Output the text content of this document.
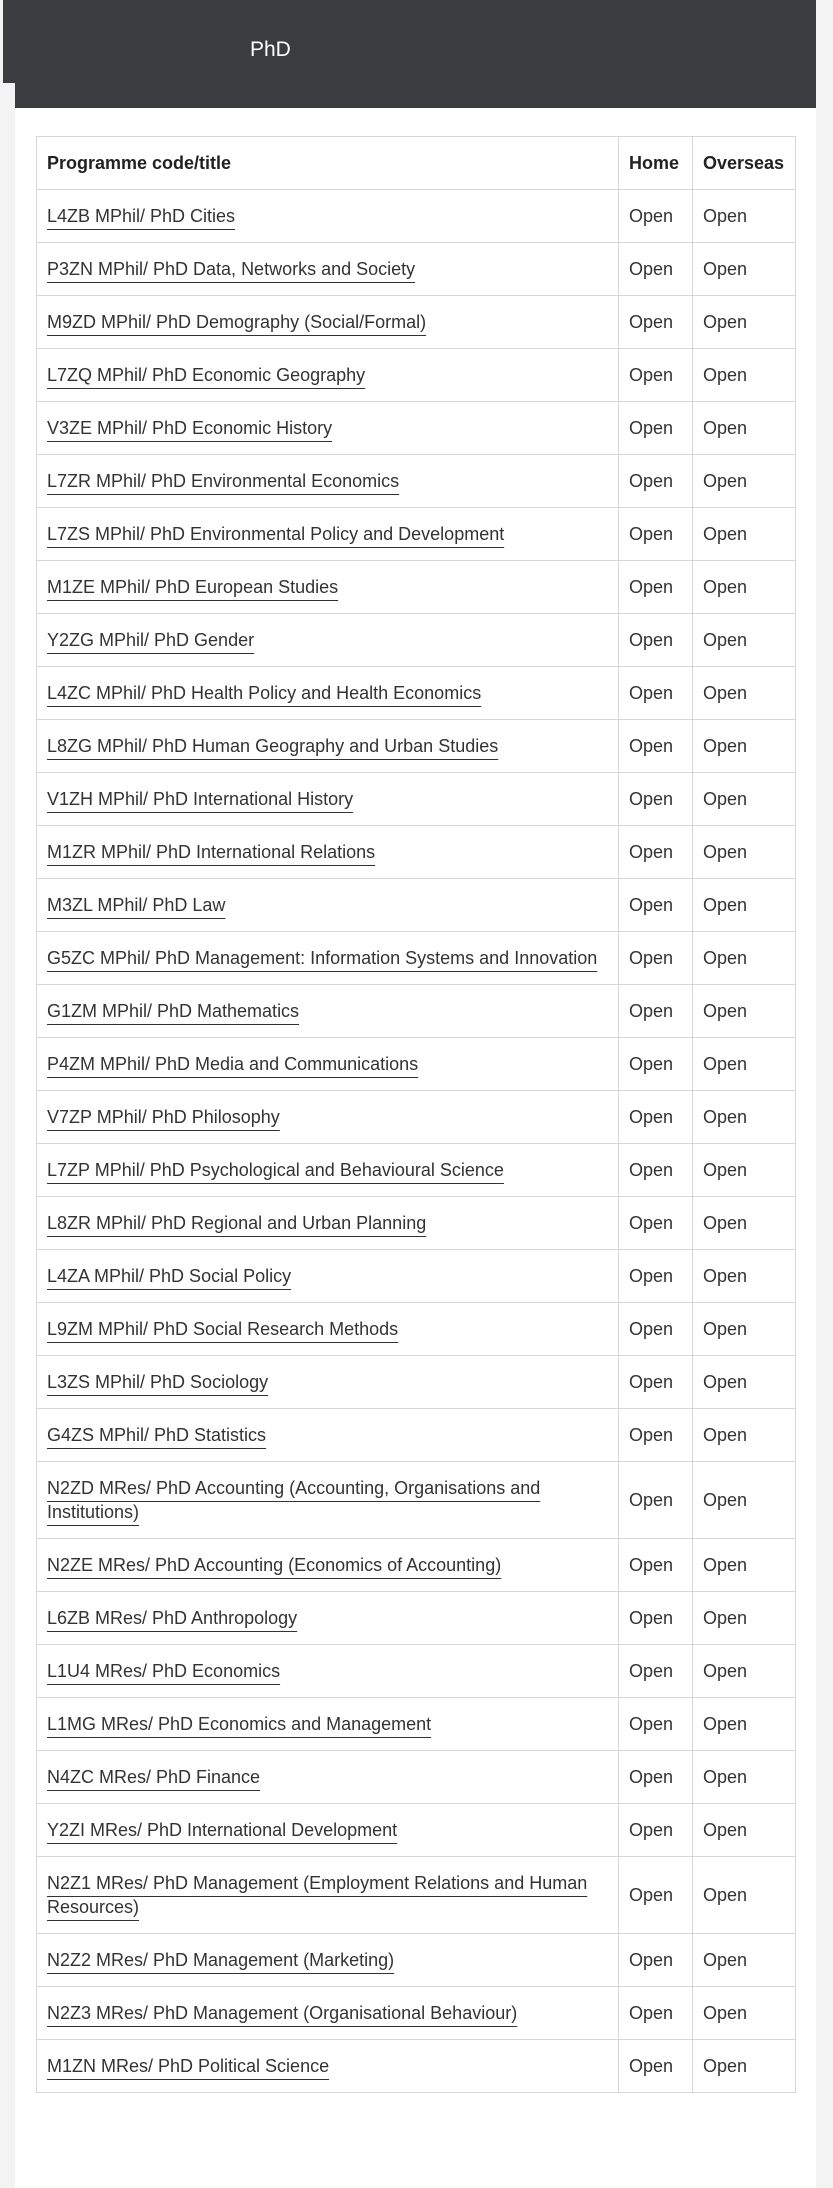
PhD
Programme code/title	Home	Overseas
L4ZB MPhil/ PhD Cities	Open	Open
P3ZN MPhil/ PhD Data, Networks and Society	Open	Open
M9ZD MPhil/ PhD Demography (Social/Formal)	Open	Open
L7ZQ MPhil/ PhD Economic Geography	Open	Open
V3ZE MPhil/ PhD Economic History	Open	Open
L7ZR MPhil/ PhD Environmental Economics	Open	Open
L7ZS MPhil/ PhD Environmental Policy and Development	Open	Open
M1ZE MPhil/ PhD European Studies	Open	Open
Y2ZG MPhil/ PhD Gender	Open	Open
L4ZC MPhil/ PhD Health Policy and Health Economics	Open	Open
L8ZG MPhil/ PhD Human Geography and Urban Studies	Open	Open
V1ZH MPhil/ PhD International History	Open	Open
M1ZR MPhil/ PhD International Relations	Open	Open
M3ZL MPhil/ PhD Law	Open	Open
G5ZC MPhil/ PhD Management: Information Systems and Innovation	Open	Open
G1ZM MPhil/ PhD Mathematics	Open	Open
P4ZM MPhil/ PhD Media and Communications	Open	Open
V7ZP MPhil/ PhD Philosophy	Open	Open
L7ZP MPhil/ PhD Psychological and Behavioural Science	Open	Open
L8ZR MPhil/ PhD Regional and Urban Planning	Open	Open
L4ZA MPhil/ PhD Social Policy	Open	Open
L9ZM MPhil/ PhD Social Research Methods	Open	Open
L3ZS MPhil/ PhD Sociology	Open	Open
G4ZS MPhil/ PhD Statistics	Open	Open
N2ZD MRes/ PhD Accounting (Accounting, Organisations and Institutions)	Open	Open
N2ZE MRes/ PhD Accounting (Economics of Accounting)	Open	Open
L6ZB MRes/ PhD Anthropology	Open	Open
L1U4 MRes/ PhD Economics	Open	Open
L1MG MRes/ PhD Economics and Management	Open	Open
N4ZC MRes/ PhD Finance	Open	Open
Y2ZI MRes/ PhD International Development	Open	Open
N2Z1 MRes/ PhD Management (Employment Relations and Human Resources)	Open	Open
N2Z2 MRes/ PhD Management (Marketing)	Open	Open
N2Z3 MRes/ PhD Management (Organisational Behaviour)	Open	Open
M1ZN MRes/ PhD Political Science	Open	Open
